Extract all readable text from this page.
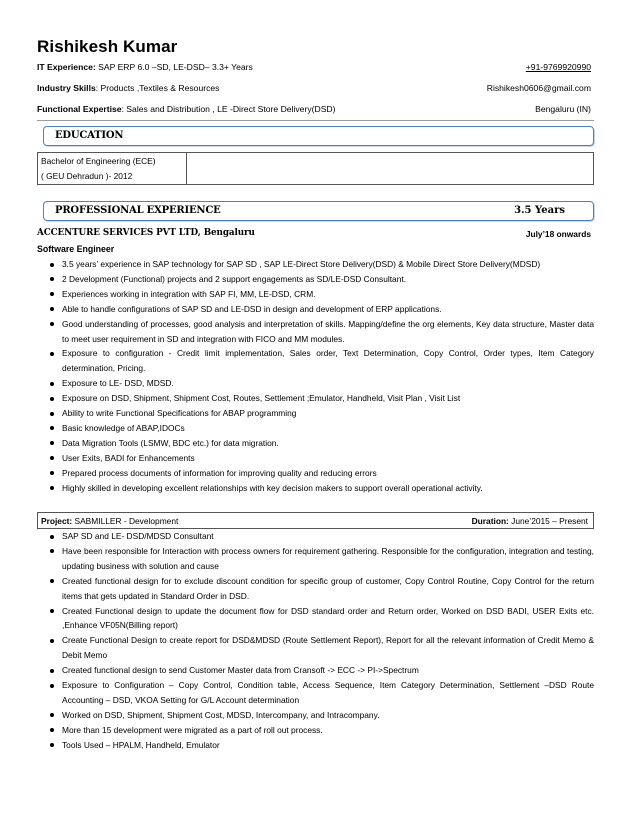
Rishikesh Kumar
IT Experience: SAP ERP 6.0 –SD, LE-DSD– 3.3+ Years	+91-9769920990
Industry Skills: Products ,Textiles & Resources	Rishikesh0606@gmail.com
Functional Expertise: Sales and Distribution , LE -Direct Store Delivery(DSD)	Bengaluru (IN)
EDUCATION
Bachelor of Engineering (ECE)
( GEU Dehradun )- 2012
PROFESSIONAL EXPERIENCE	3.5 Years
ACCENTURE SERVICES PVT LTD, Bengaluru	July’18 onwards
Software Engineer
3.5 years’ experience in SAP technology for SAP SD , SAP LE-Direct Store Delivery(DSD) & Mobile Direct Store Delivery(MDSD)
2 Development (Functional) projects and 2 support engagements as SD/LE-DSD Consultant.
Experiences working in integration with SAP FI, MM, LE-DSD, CRM.
Able to handle configurations of SAP SD and LE-DSD in design and development of ERP applications.
Good understanding of processes, good analysis and interpretation of skills. Mapping/define the org elements, Key data structure, Master data to meet user requirement in SD and integration with FICO and MM modules.
Exposure to configuration - Credit limit implementation, Sales order, Text Determination, Copy Control, Order types, Item Category determination, Pricing.
Exposure to LE- DSD, MDSD.
Exposure on DSD, Shipment, Shipment Cost, Routes, Settlement ;Emulator, Handheld, Visit Plan , Visit List
Ability to write Functional Specifications for ABAP programming
Basic knowledge of ABAP,IDOCs
Data Migration Tools (LSMW, BDC etc.) for data migration.
User Exits, BADI for Enhancements
Prepared process documents of information for improving quality and reducing errors
Highly skilled in developing excellent relationships with key decision makers to support overall operational activity.
Project: SABMILLER - Development	Duration: June’2015 – Present
SAP SD and LE- DSD/MDSD Consultant
Have been responsible for Interaction with process owners for requirement gathering. Responsible for the configuration, integration and testing, updating business with solution and cause
Created functional design for to exclude discount condition for specific group of customer, Copy Control Routine, Copy Control for the return items that gets updated in Standard Order in DSD.
Created Functional design to update the document flow for DSD standard order and Return order, Worked on DSD BADI, USER Exits etc. ,Enhance VF05N(Billing report)
Create Functional Design to create report for DSD&MDSD (Route Settlement Report), Report for all the relevant information of Credit Memo & Debit Memo
Created functional design to send Customer Master data from Cransoft -> ECC -> PI->Spectrum
Exposure to Configuration – Copy Control, Condition table, Access Sequence, Item Category Determination, Settlement –DSD Route Accounting – DSD, VKOA Setting for G/L Account determination
Worked on DSD, Shipment, Shipment Cost, MDSD, Intercompany, and Intracompany.
More than 15 development were migrated as a part of roll out process.
Tools Used – HPALM, Handheld, Emulator
